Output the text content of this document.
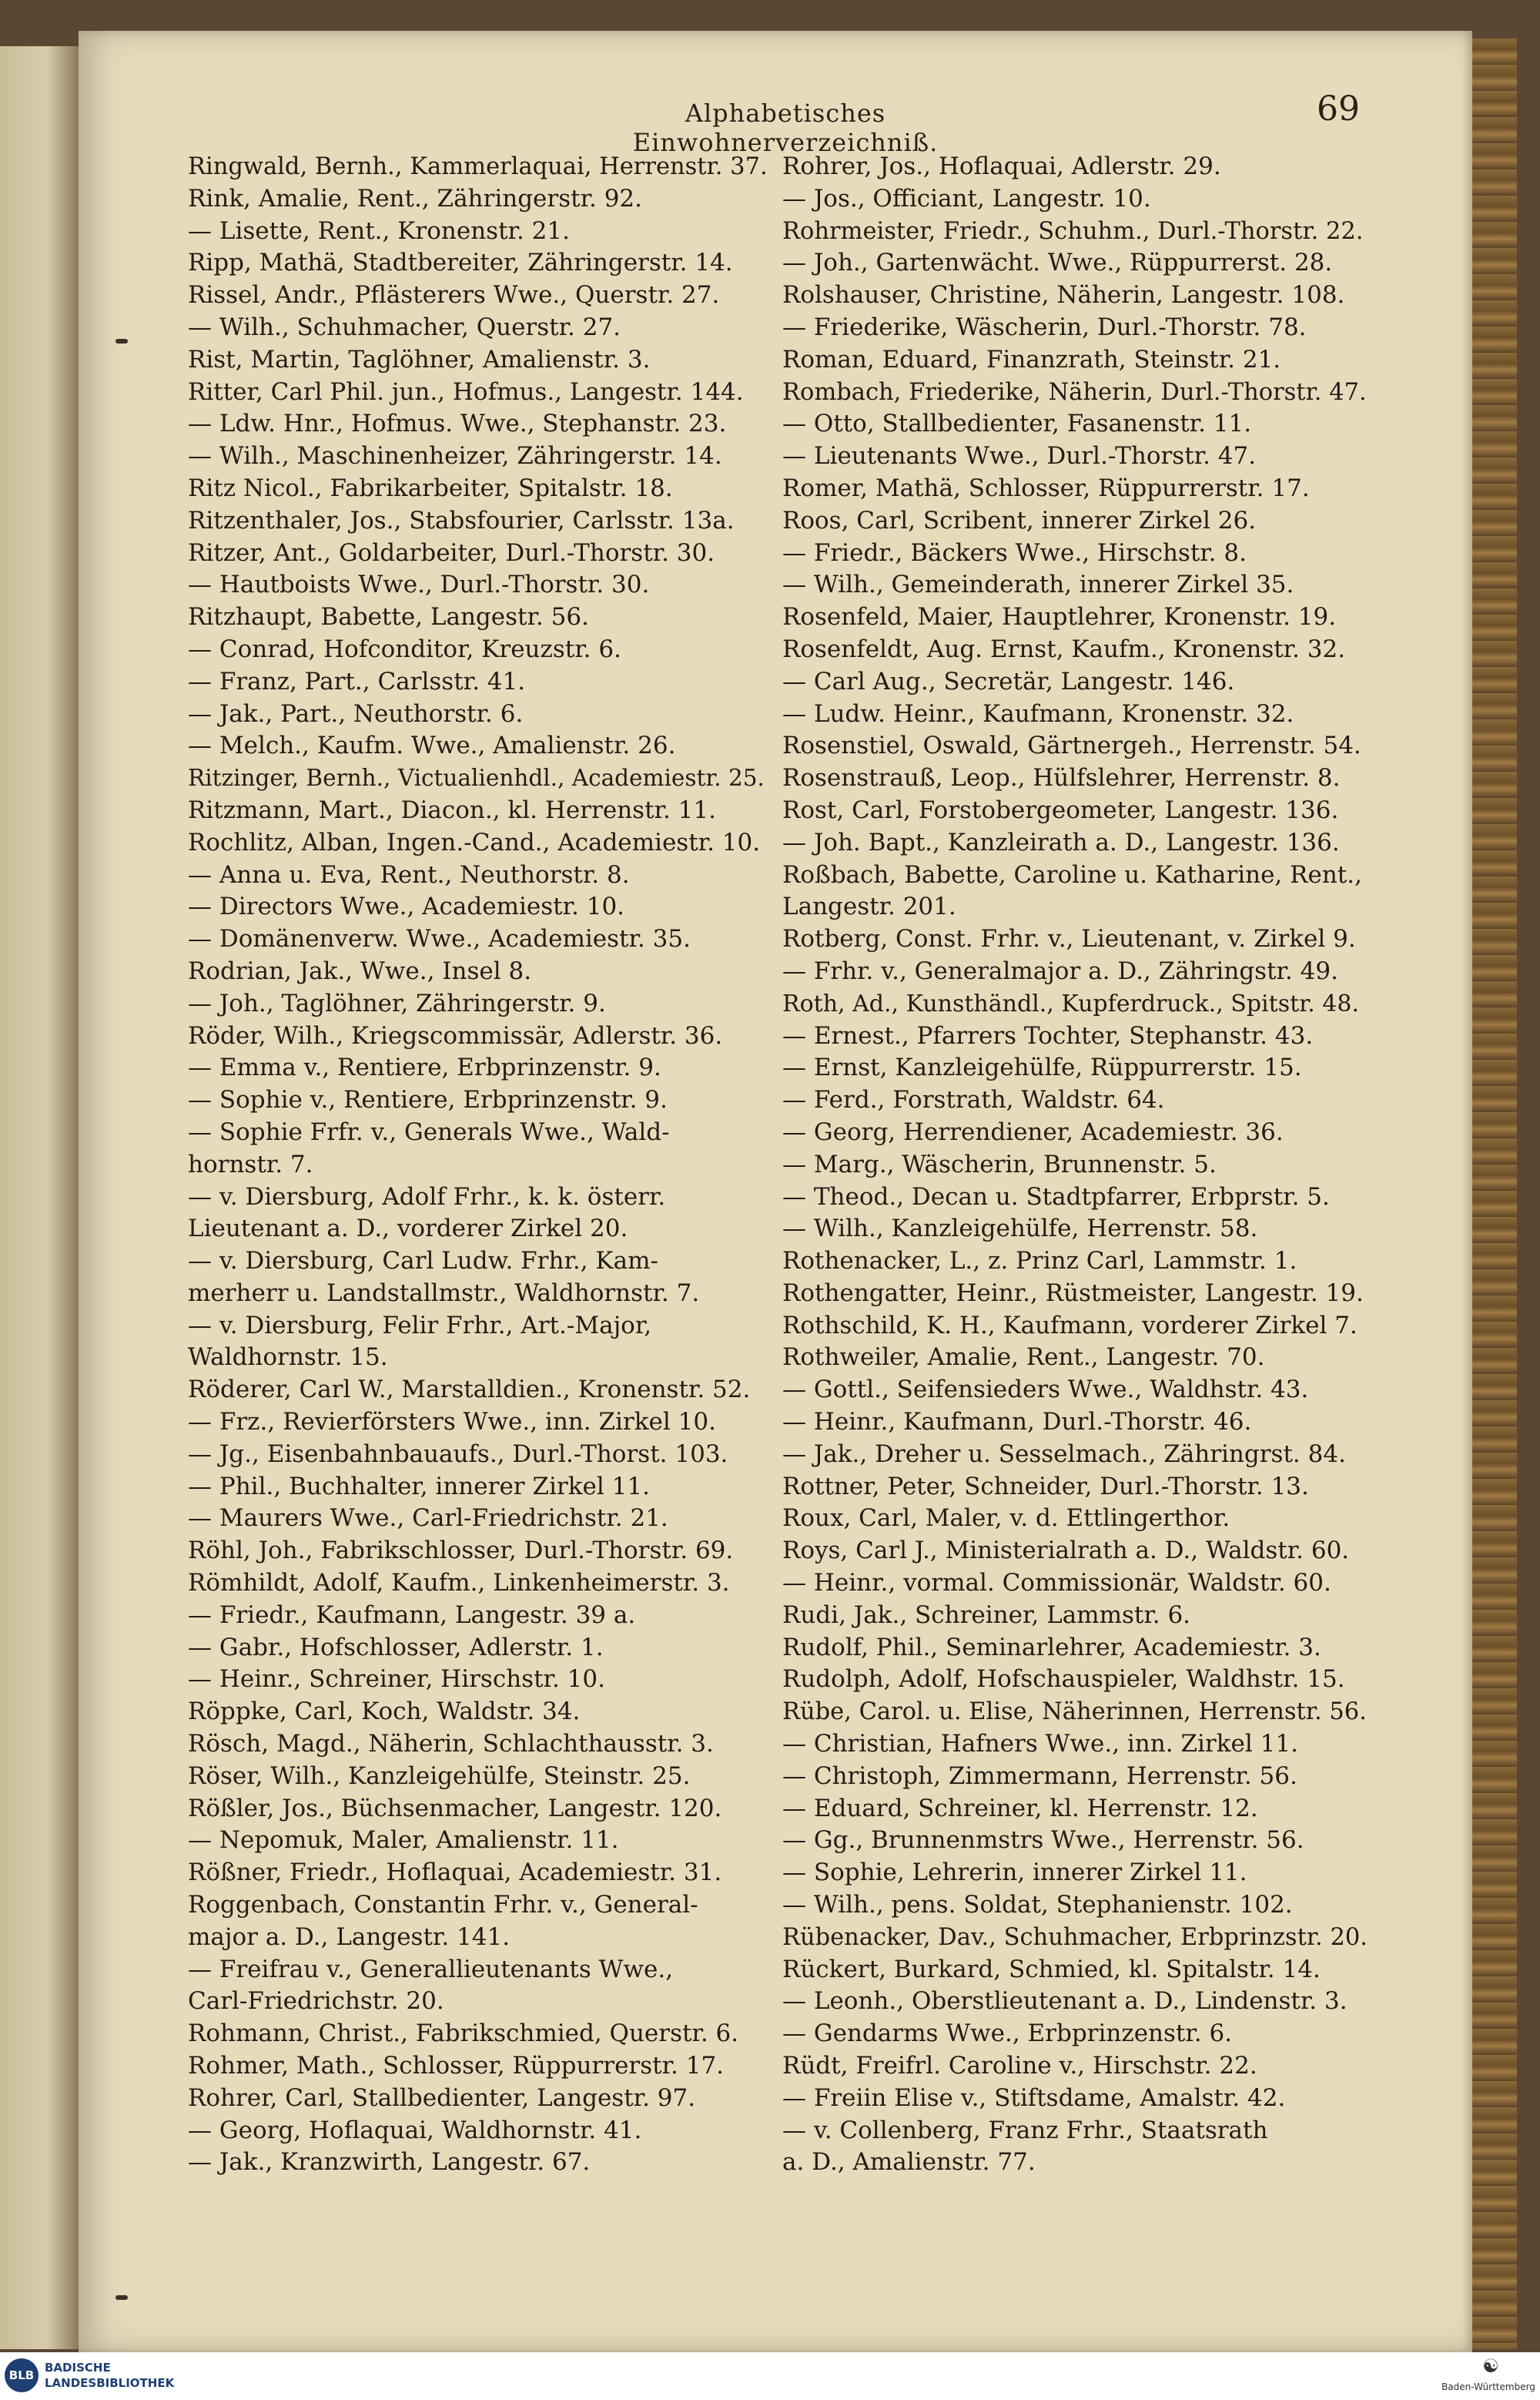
Alphabetisches Einwohnerverzeichniß.
69
Ringwald, Bernh., Kammerlaquai, Herrenstr. 37.
Rink, Amalie, Rent., Zähringerstr. 92.
— Lisette, Rent., Kronenstr. 21.
Ripp, Mathä, Stadtbereiter, Zähringerstr. 14.
Rissel, Andr., Pflästerers Wwe., Querstr. 27.
— Wilh., Schuhmacher, Querstr. 27.
Rist, Martin, Taglöhner, Amalienstr. 3.
Ritter, Carl Phil. jun., Hofmus., Langestr. 144.
— Ldw. Hnr., Hofmus. Wwe., Stephanstr. 23.
— Wilh., Maschinenheizer, Zähringerstr. 14.
Ritz Nicol., Fabrikarbeiter, Spitalstr. 18.
Ritzenthaler, Jos., Stabsfourier, Carlsstr. 13a.
Ritzer, Ant., Goldarbeiter, Durl.-Thorstr. 30.
— Hautboists Wwe., Durl.-Thorstr. 30.
Ritzhaupt, Babette, Langestr. 56.
— Conrad, Hofconditor, Kreuzstr. 6.
— Franz, Part., Carlsstr. 41.
— Jak., Part., Neuthorstr. 6.
— Melch., Kaufm. Wwe., Amalienstr. 26.
Ritzinger, Bernh., Victualienhdl., Academiestr. 25.
Ritzmann, Mart., Diacon., kl. Herrenstr. 11.
Rochlitz, Alban, Ingen.-Cand., Academiestr. 10.
— Anna u. Eva, Rent., Neuthorstr. 8.
— Directors Wwe., Academiestr. 10.
— Domänenverw. Wwe., Academiestr. 35.
Rodrian, Jak., Wwe., Insel 8.
— Joh., Taglöhner, Zähringerstr. 9.
Röder, Wilh., Kriegscommissär, Adlerstr. 36.
— Emma v., Rentiere, Erbprinzenstr. 9.
— Sophie v., Rentiere, Erbprinzenstr. 9.
— Sophie Frfr. v., Generals Wwe., Wald-
hornstr. 7.
— v. Diersburg, Adolf Frhr., k. k. österr.
Lieutenant a. D., vorderer Zirkel 20.
— v. Diersburg, Carl Ludw. Frhr., Kam-
merherr u. Landstallmstr., Waldhornstr. 7.
— v. Diersburg, Felir Frhr., Art.-Major,
Waldhornstr. 15.
Röderer, Carl W., Marstalldien., Kronenstr. 52.
— Frz., Revierförsters Wwe., inn. Zirkel 10.
— Jg., Eisenbahnbauaufs., Durl.-Thorst. 103.
— Phil., Buchhalter, innerer Zirkel 11.
— Maurers Wwe., Carl-Friedrichstr. 21.
Röhl, Joh., Fabrikschlosser, Durl.-Thorstr. 69.
Römhildt, Adolf, Kaufm., Linkenheimerstr. 3.
— Friedr., Kaufmann, Langestr. 39 a.
— Gabr., Hofschlosser, Adlerstr. 1.
— Heinr., Schreiner, Hirschstr. 10.
Röppke, Carl, Koch, Waldstr. 34.
Rösch, Magd., Näherin, Schlachthausstr. 3.
Röser, Wilh., Kanzleigehülfe, Steinstr. 25.
Rößler, Jos., Büchsenmacher, Langestr. 120.
— Nepomuk, Maler, Amalienstr. 11.
Rößner, Friedr., Hoflaquai, Academiestr. 31.
Roggenbach, Constantin Frhr. v., General-
major a. D., Langestr. 141.
— Freifrau v., Generallieutenants Wwe.,
Carl-Friedrichstr. 20.
Rohmann, Christ., Fabrikschmied, Querstr. 6.
Rohmer, Math., Schlosser, Rüppurrerstr. 17.
Rohrer, Carl, Stallbedienter, Langestr. 97.
— Georg, Hoflaquai, Waldhornstr. 41.
— Jak., Kranzwirth, Langestr. 67.
Rohrer, Jos., Hoflaquai, Adlerstr. 29.
— Jos., Officiant, Langestr. 10.
Rohrmeister, Friedr., Schuhm., Durl.-Thorstr. 22.
— Joh., Gartenwächt. Wwe., Rüppurrerst. 28.
Rolshauser, Christine, Näherin, Langestr. 108.
— Friederike, Wäscherin, Durl.-Thorstr. 78.
Roman, Eduard, Finanzrath, Steinstr. 21.
Rombach, Friederike, Näherin, Durl.-Thorstr. 47.
— Otto, Stallbedienter, Fasanenstr. 11.
— Lieutenants Wwe., Durl.-Thorstr. 47.
Romer, Mathä, Schlosser, Rüppurrerstr. 17.
Roos, Carl, Scribent, innerer Zirkel 26.
— Friedr., Bäckers Wwe., Hirschstr. 8.
— Wilh., Gemeinderath, innerer Zirkel 35.
Rosenfeld, Maier, Hauptlehrer, Kronenstr. 19.
Rosenfeldt, Aug. Ernst, Kaufm., Kronenstr. 32.
— Carl Aug., Secretär, Langestr. 146.
— Ludw. Heinr., Kaufmann, Kronenstr. 32.
Rosenstiel, Oswald, Gärtnergeh., Herrenstr. 54.
Rosenstrauß, Leop., Hülfslehrer, Herrenstr. 8.
Rost, Carl, Forstobergeometer, Langestr. 136.
— Joh. Bapt., Kanzleirath a. D., Langestr. 136.
Roßbach, Babette, Caroline u. Katharine, Rent.,
Langestr. 201.
Rotberg, Const. Frhr. v., Lieutenant, v. Zirkel 9.
— Frhr. v., Generalmajor a. D., Zähringstr. 49.
Roth, Ad., Kunsthändl., Kupferdruck., Spitstr. 48.
— Ernest., Pfarrers Tochter, Stephanstr. 43.
— Ernst, Kanzleigehülfe, Rüppurrerstr. 15.
— Ferd., Forstrath, Waldstr. 64.
— Georg, Herrendiener, Academiestr. 36.
— Marg., Wäscherin, Brunnenstr. 5.
— Theod., Decan u. Stadtpfarrer, Erbprstr. 5.
— Wilh., Kanzleigehülfe, Herrenstr. 58.
Rothenacker, L., z. Prinz Carl, Lammstr. 1.
Rothengatter, Heinr., Rüstmeister, Langestr. 19.
Rothschild, K. H., Kaufmann, vorderer Zirkel 7.
Rothweiler, Amalie, Rent., Langestr. 70.
— Gottl., Seifensieders Wwe., Waldhstr. 43.
— Heinr., Kaufmann, Durl.-Thorstr. 46.
— Jak., Dreher u. Sesselmach., Zähringrst. 84.
Rottner, Peter, Schneider, Durl.-Thorstr. 13.
Roux, Carl, Maler, v. d. Ettlingerthor.
Roys, Carl J., Ministerialrath a. D., Waldstr. 60.
— Heinr., vormal. Commissionär, Waldstr. 60.
Rudi, Jak., Schreiner, Lammstr. 6.
Rudolf, Phil., Seminarlehrer, Academiestr. 3.
Rudolph, Adolf, Hofschauspieler, Waldhstr. 15.
Rübe, Carol. u. Elise, Näherinnen, Herrenstr. 56.
— Christian, Hafners Wwe., inn. Zirkel 11.
— Christoph, Zimmermann, Herrenstr. 56.
— Eduard, Schreiner, kl. Herrenstr. 12.
— Gg., Brunnenmstrs Wwe., Herrenstr. 56.
— Sophie, Lehrerin, innerer Zirkel 11.
— Wilh., pens. Soldat, Stephanienstr. 102.
Rübenacker, Dav., Schuhmacher, Erbprinzstr. 20.
Rückert, Burkard, Schmied, kl. Spitalstr. 14.
— Leonh., Oberstlieutenant a. D., Lindenstr. 3.
— Gendarms Wwe., Erbprinzenstr. 6.
Rüdt, Freifrl. Caroline v., Hirschstr. 22.
— Freiin Elise v., Stiftsdame, Amalstr. 42.
— v. Collenberg, Franz Frhr., Staatsrath
a. D., Amalienstr. 77.
BLB
BADISCHE
LANDESBIBLIOTHEK
☯
Baden-Württemberg
